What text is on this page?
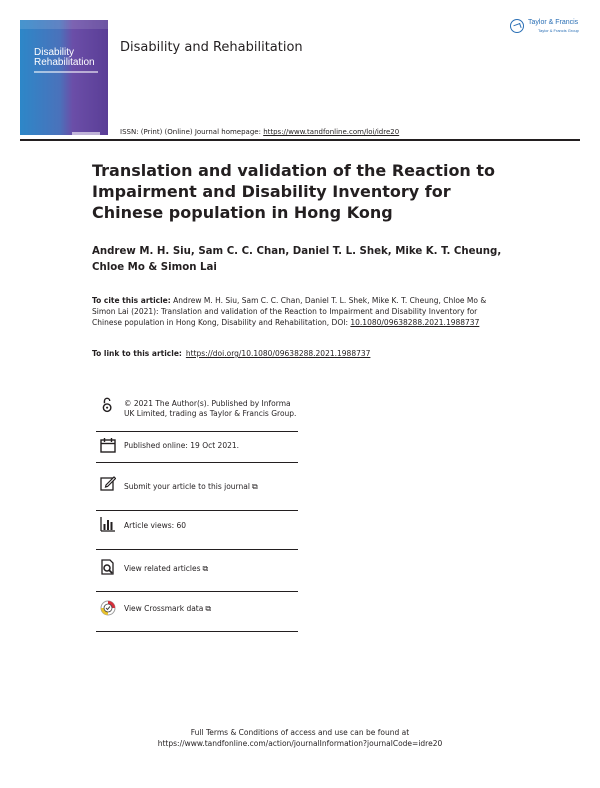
Disability
Rehabilitation
Disability and Rehabilitation
Taylor & Francis
Taylor & Francis Group
ISSN: (Print) (Online) Journal homepage: https://www.tandfonline.com/loi/idre20
Translation and validation of the Reaction to Impairment and Disability Inventory for Chinese population in Hong Kong
Andrew M. H. Siu, Sam C. C. Chan, Daniel T. L. Shek, Mike K. T. Cheung, Chloe Mo & Simon Lai
To cite this article: Andrew M. H. Siu, Sam C. C. Chan, Daniel T. L. Shek, Mike K. T. Cheung, Chloe Mo & Simon Lai (2021): Translation and validation of the Reaction to Impairment and Disability Inventory for Chinese population in Hong Kong, Disability and Rehabilitation, DOI: 10.1080/09638288.2021.1988737
To link to this article: https://doi.org/10.1080/09638288.2021.1988737
© 2021 The Author(s). Published by Informa UK Limited, trading as Taylor & Francis Group.
Published online: 19 Oct 2021.
Submit your article to this journal ⧉
Article views: 60
View related articles ⧉
View Crossmark data ⧉
Full Terms & Conditions of access and use can be found at
https://www.tandfonline.com/action/journalInformation?journalCode=idre20
